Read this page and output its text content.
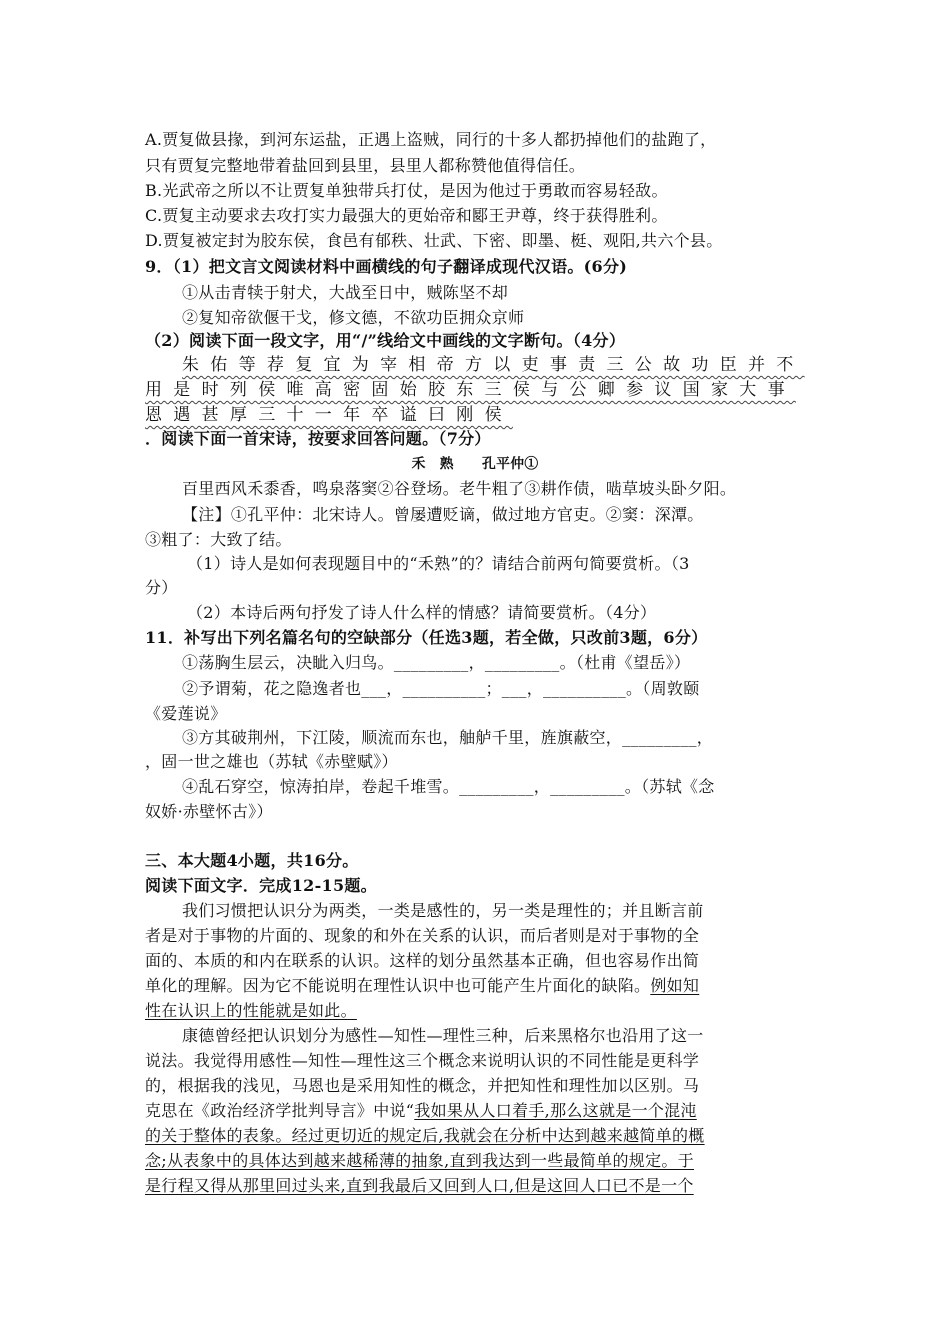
A.贾复做县掾，到河东运盐，正遇上盗贼，同行的十多人都扔掉他们的盐跑了，
只有贾复完整地带着盐回到县里，县里人都称赞他值得信任。
B.光武帝之所以不让贾复单独带兵打仗，是因为他过于勇敢而容易轻敌。
C.贾复主动要求去攻打实力最强大的更始帝和郾王尹尊，终于获得胜利。
D.贾复被定封为胶东侯，食邑有郁秩、壮武、下密、即墨、梃、观阳,共六个县。
9．（1）把文言文阅读材料中画横线的句子翻译成现代汉语。(6分)
①从击青犊于射犬，大战至日中，贼陈坚不却
②复知帝欲偃干戈，修文德，不欲功臣拥众京师
（2）阅读下面一段文字，用“/”线给文中画线的文字断句。（4分）
朱佑等荐复宜为宰相帝方以吏事责三公故功臣并不
用是时列侯唯高密固始胶东三侯与公卿参议国家大事
恩遇甚厚三十一年卒谥曰刚侯
．阅读下面一首宋诗，按要求回答问题。（7分）
禾　熟　　孔平仲①
百里西风禾黍香，鸣泉落窦②谷登场。老牛粗了③耕作债，啮草坡头卧夕阳。
【注】①孔平仲：北宋诗人。曾屡遭贬谪，做过地方官吏。②窦：深潭。
③粗了：大致了结。
（1）诗人是如何表现题目中的“禾熟”的？请结合前两句简要赏析。（3
分）
（2）本诗后两句抒发了诗人什么样的情感？请简要赏析。（4分）
11．补写出下列名篇名句的空缺部分（任选3题，若全做，只改前3题，6分）
①荡胸生层云，决眦入归鸟。_________，_________。（杜甫《望岳》）
②予谓菊，花之隐逸者也___，__________；___，__________。（周敦颐
《爱莲说》
③方其破荆州，下江陵，顺流而东也，舳舻千里，旌旗蔽空，_________，
，固一世之雄也（苏轼《赤壁赋》）
④乱石穿空，惊涛拍岸，卷起千堆雪。_________，_________。（苏轼《念
奴娇·赤壁怀古》）
三、本大题4小题，共16分。
阅读下面文字．完成12-15题。
我们习惯把认识分为两类，一类是感性的，另一类是理性的；并且断言前
者是对于事物的片面的、现象的和外在关系的认识，而后者则是对于事物的全
面的、本质的和内在联系的认识。这样的划分虽然基本正确，但也容易作出简
单化的理解。因为它不能说明在理性认识中也可能产生片面化的缺陷。例如知
性在认识上的性能就是如此。
康德曾经把认识划分为感性—知性—理性三种，后来黑格尔也沿用了这一
说法。我觉得用感性—知性—理性这三个概念来说明认识的不同性能是更科学
的，根据我的浅见，马恩也是采用知性的概念，并把知性和理性加以区别。马
克思在《政治经济学批判导言》中说“我如果从人口着手,那么这就是一个混沌
的关于整体的表象。经过更切近的规定后,我就会在分析中达到越来越简单的概
念;从表象中的具体达到越来越稀薄的抽象,直到我达到一些最简单的规定。于
是行程又得从那里回过头来,直到我最后又回到人口,但是这回人口已不是一个
